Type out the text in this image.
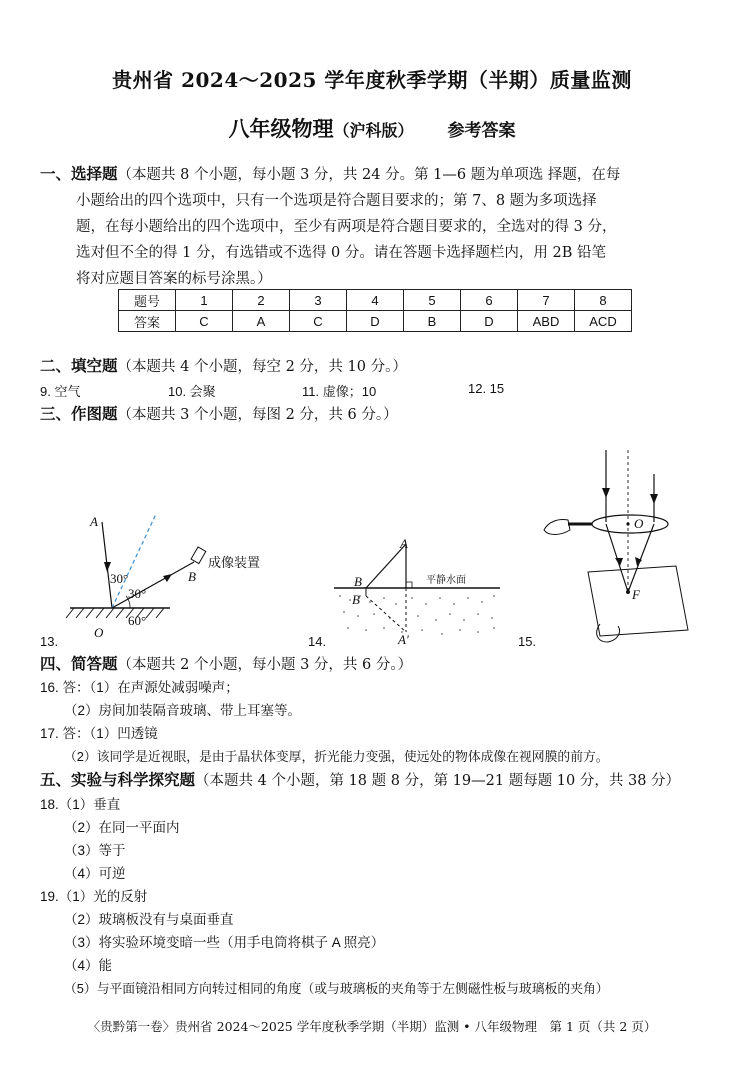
贵州省 2024～2025 学年度秋季学期（半期）质量监测
八年级物理（沪科版） 参考答案
一、选择题（本题共 8 个小题，每小题 3 分，共 24 分。第 1—6 题为单项选 择题，在每
小题给出的四个选项中，只有一个选项是符合题目要求的；第 7、8 题为多项选择
题，在每小题给出的四个选项中，至少有两项是符合题目要求的，全选对的得 3 分，
选对但不全的得 1 分，有选错或不选得 0 分。请在答题卡选择题栏内，用 2B 铅笔
将对应题目答案的标号涂黑。）
题号	1	2	3	4	5	6	7	8
答案	C	A	C	D	B	D	ABD	ACD
二、填空题（本题共 4 个小题，每空 2 分，共 10 分。）
9. 空气	10. 会聚	11. 虚像；10	12. 15
三、作图题（本题共 3 个小题，每图 2 分，共 6 分。）
13.
A
B
O
30°
30°
60°
成像装置
14.
A
B
B
A′
平静水面
15.
O
F
四、简答题（本题共 2 个小题，每小题 3 分，共 6 分。）
16. 答：（1）在声源处减弱噪声；
（2）房间加装隔音玻璃、带上耳塞等。
17. 答：（1）凹透镜
（2）该同学是近视眼，是由于晶状体变厚，折光能力变强，使远处的物体成像在视网膜的前方。
五、实验与科学探究题（本题共 4 个小题，第 18 题 8 分，第 19—21 题每题 10 分，共 38 分）
18.（1）垂直
（2）在同一平面内
（3）等于
（4）可逆
19.（1）光的反射
（2）玻璃板没有与桌面垂直
（3）将实验环境变暗一些（用手电筒将棋子 A 照亮）
（4）能
（5）与平面镜沿相同方向转过相同的角度（或与玻璃板的夹角等于左侧磁性板与玻璃板的夹角）
〈贵黔第一卷〉贵州省 2024～2025 学年度秋季学期（半期）监测 • 八年级物理　第 1 页（共 2 页）
